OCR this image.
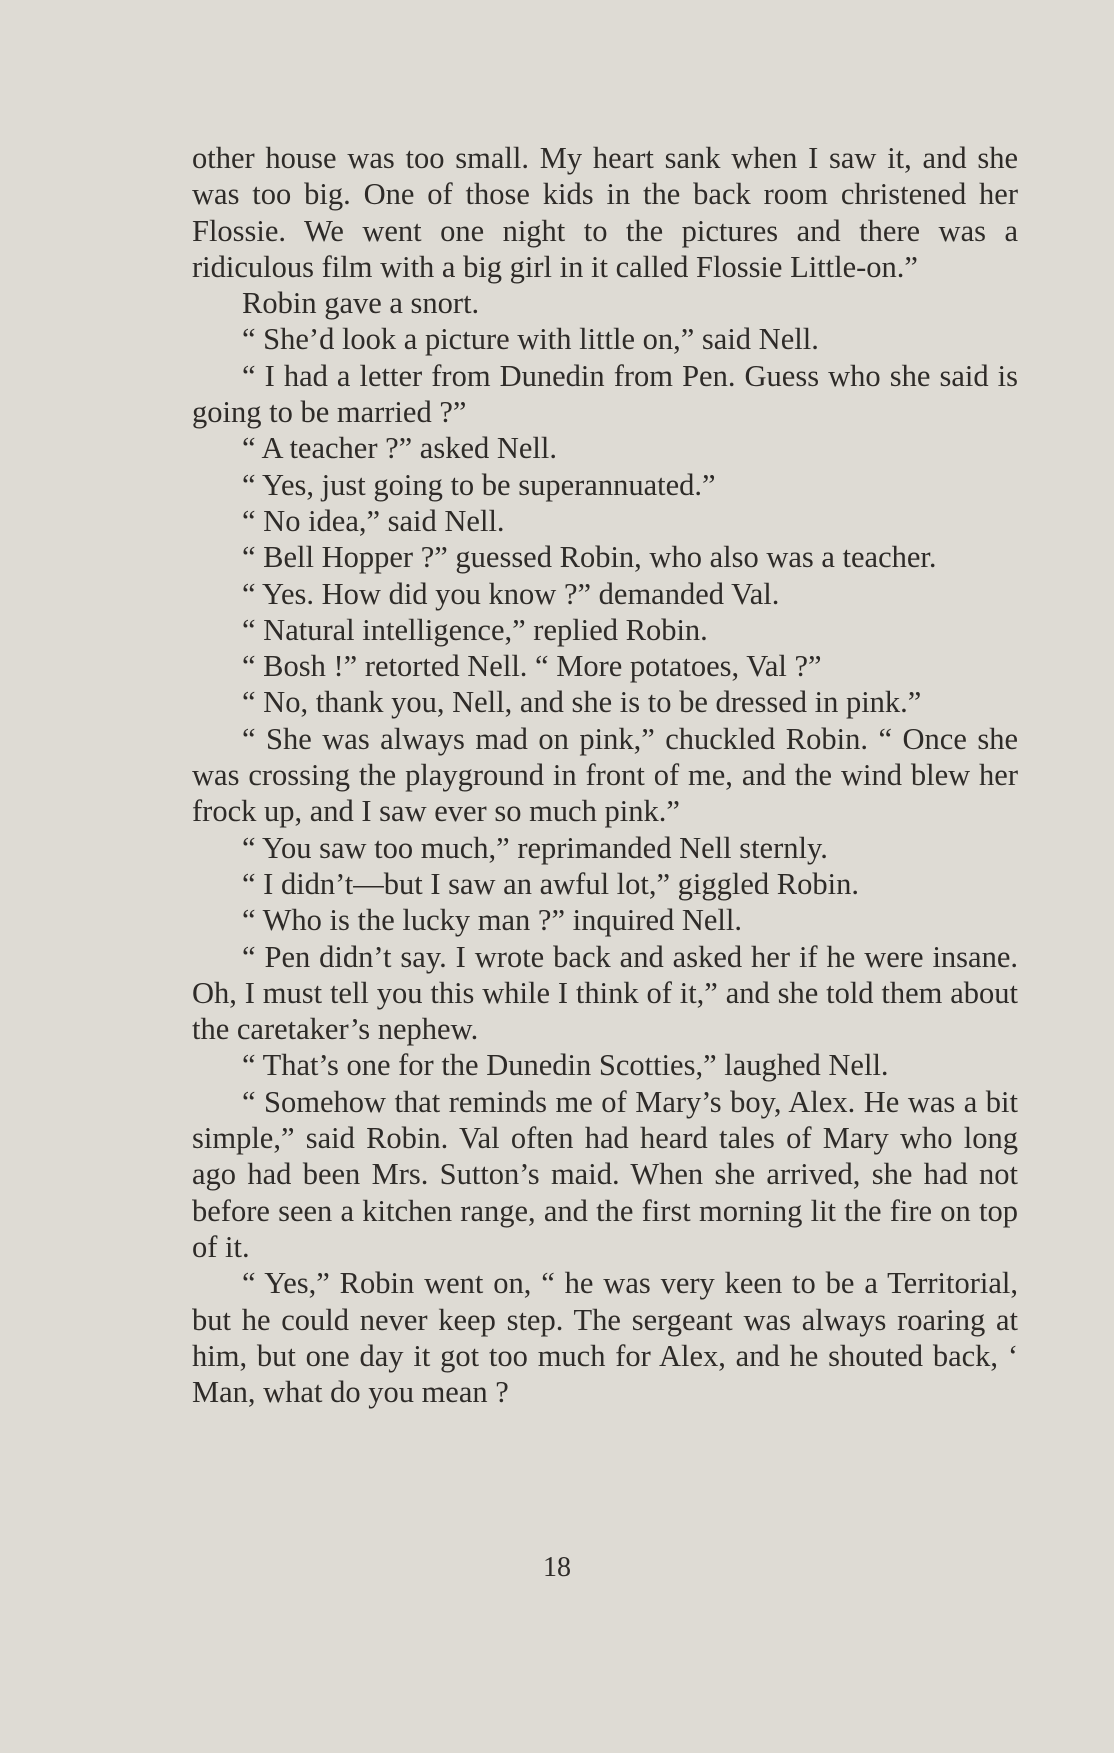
other house was too small. My heart sank when I saw it, and she was too big. One of those kids in the back room christened her Flossie. We went one night to the pictures and there was a ridiculous film with a big girl in it called Flossie Little-on.”

Robin gave a snort.

“ She’d look a picture with little on,” said Nell.

“ I had a letter from Dunedin from Pen. Guess who she said is going to be married ?”

“ A teacher ?” asked Nell.

“ Yes, just going to be superannuated.”

“ No idea,” said Nell.

“ Bell Hopper ?” guessed Robin, who also was a teacher.

“ Yes. How did you know ?” demanded Val.

“ Natural intelligence,” replied Robin.

“ Bosh !” retorted Nell. “ More potatoes, Val ?”

“ No, thank you, Nell, and she is to be dressed in pink.”

“ She was always mad on pink,” chuckled Robin. “ Once she was crossing the playground in front of me, and the wind blew her frock up, and I saw ever so much pink.”

“ You saw too much,” reprimanded Nell sternly.

“ I didn’t—but I saw an awful lot,” giggled Robin.

“ Who is the lucky man ?” inquired Nell.

“ Pen didn’t say. I wrote back and asked her if he were insane. Oh, I must tell you this while I think of it,” and she told them about the caretaker’s nephew.

“ That’s one for the Dunedin Scotties,” laughed Nell.

“ Somehow that reminds me of Mary’s boy, Alex. He was a bit simple,” said Robin. Val often had heard tales of Mary who long ago had been Mrs. Sutton’s maid. When she arrived, she had not before seen a kitchen range, and the first morning lit the fire on top of it.

“ Yes,” Robin went on, “ he was very keen to be a Territorial, but he could never keep step. The sergeant was always roaring at him, but one day it got too much for Alex, and he shouted back, ‘ Man, what do you mean ?

18
